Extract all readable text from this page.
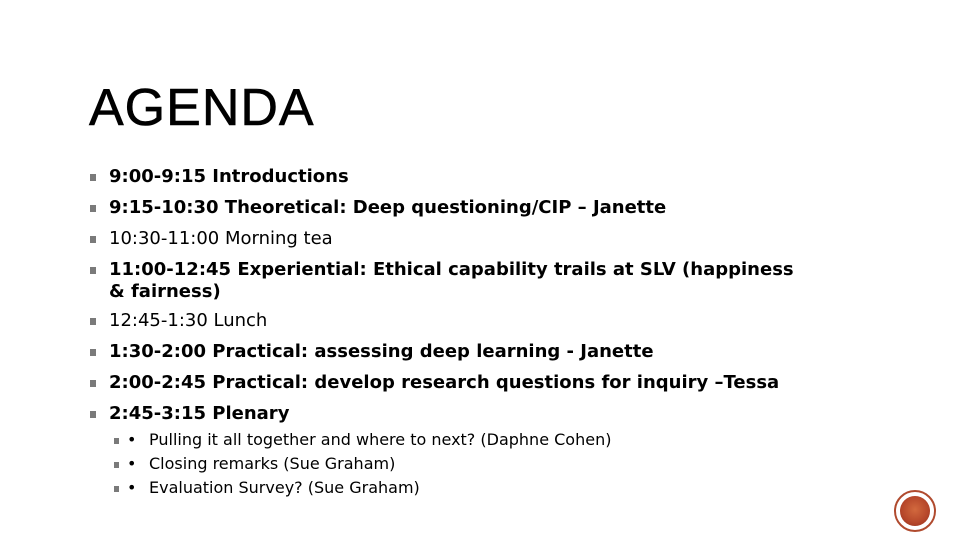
AGENDA
9:00-9:15 Introductions
9:15-10:30 Theoretical: Deep questioning/CIP – Janette
10:30-11:00 Morning tea
11:00-12:45 Experiential: Ethical capability trails at SLV (happiness & fairness)
12:45-1:30 Lunch
1:30-2:00 Practical: assessing deep learning - Janette
2:00-2:45 Practical: develop research questions for inquiry –Tessa
2:45-3:15 Plenary
• Pulling it all together and where to next? (Daphne Cohen)
• Closing remarks (Sue Graham)
• Evaluation Survey? (Sue Graham)
